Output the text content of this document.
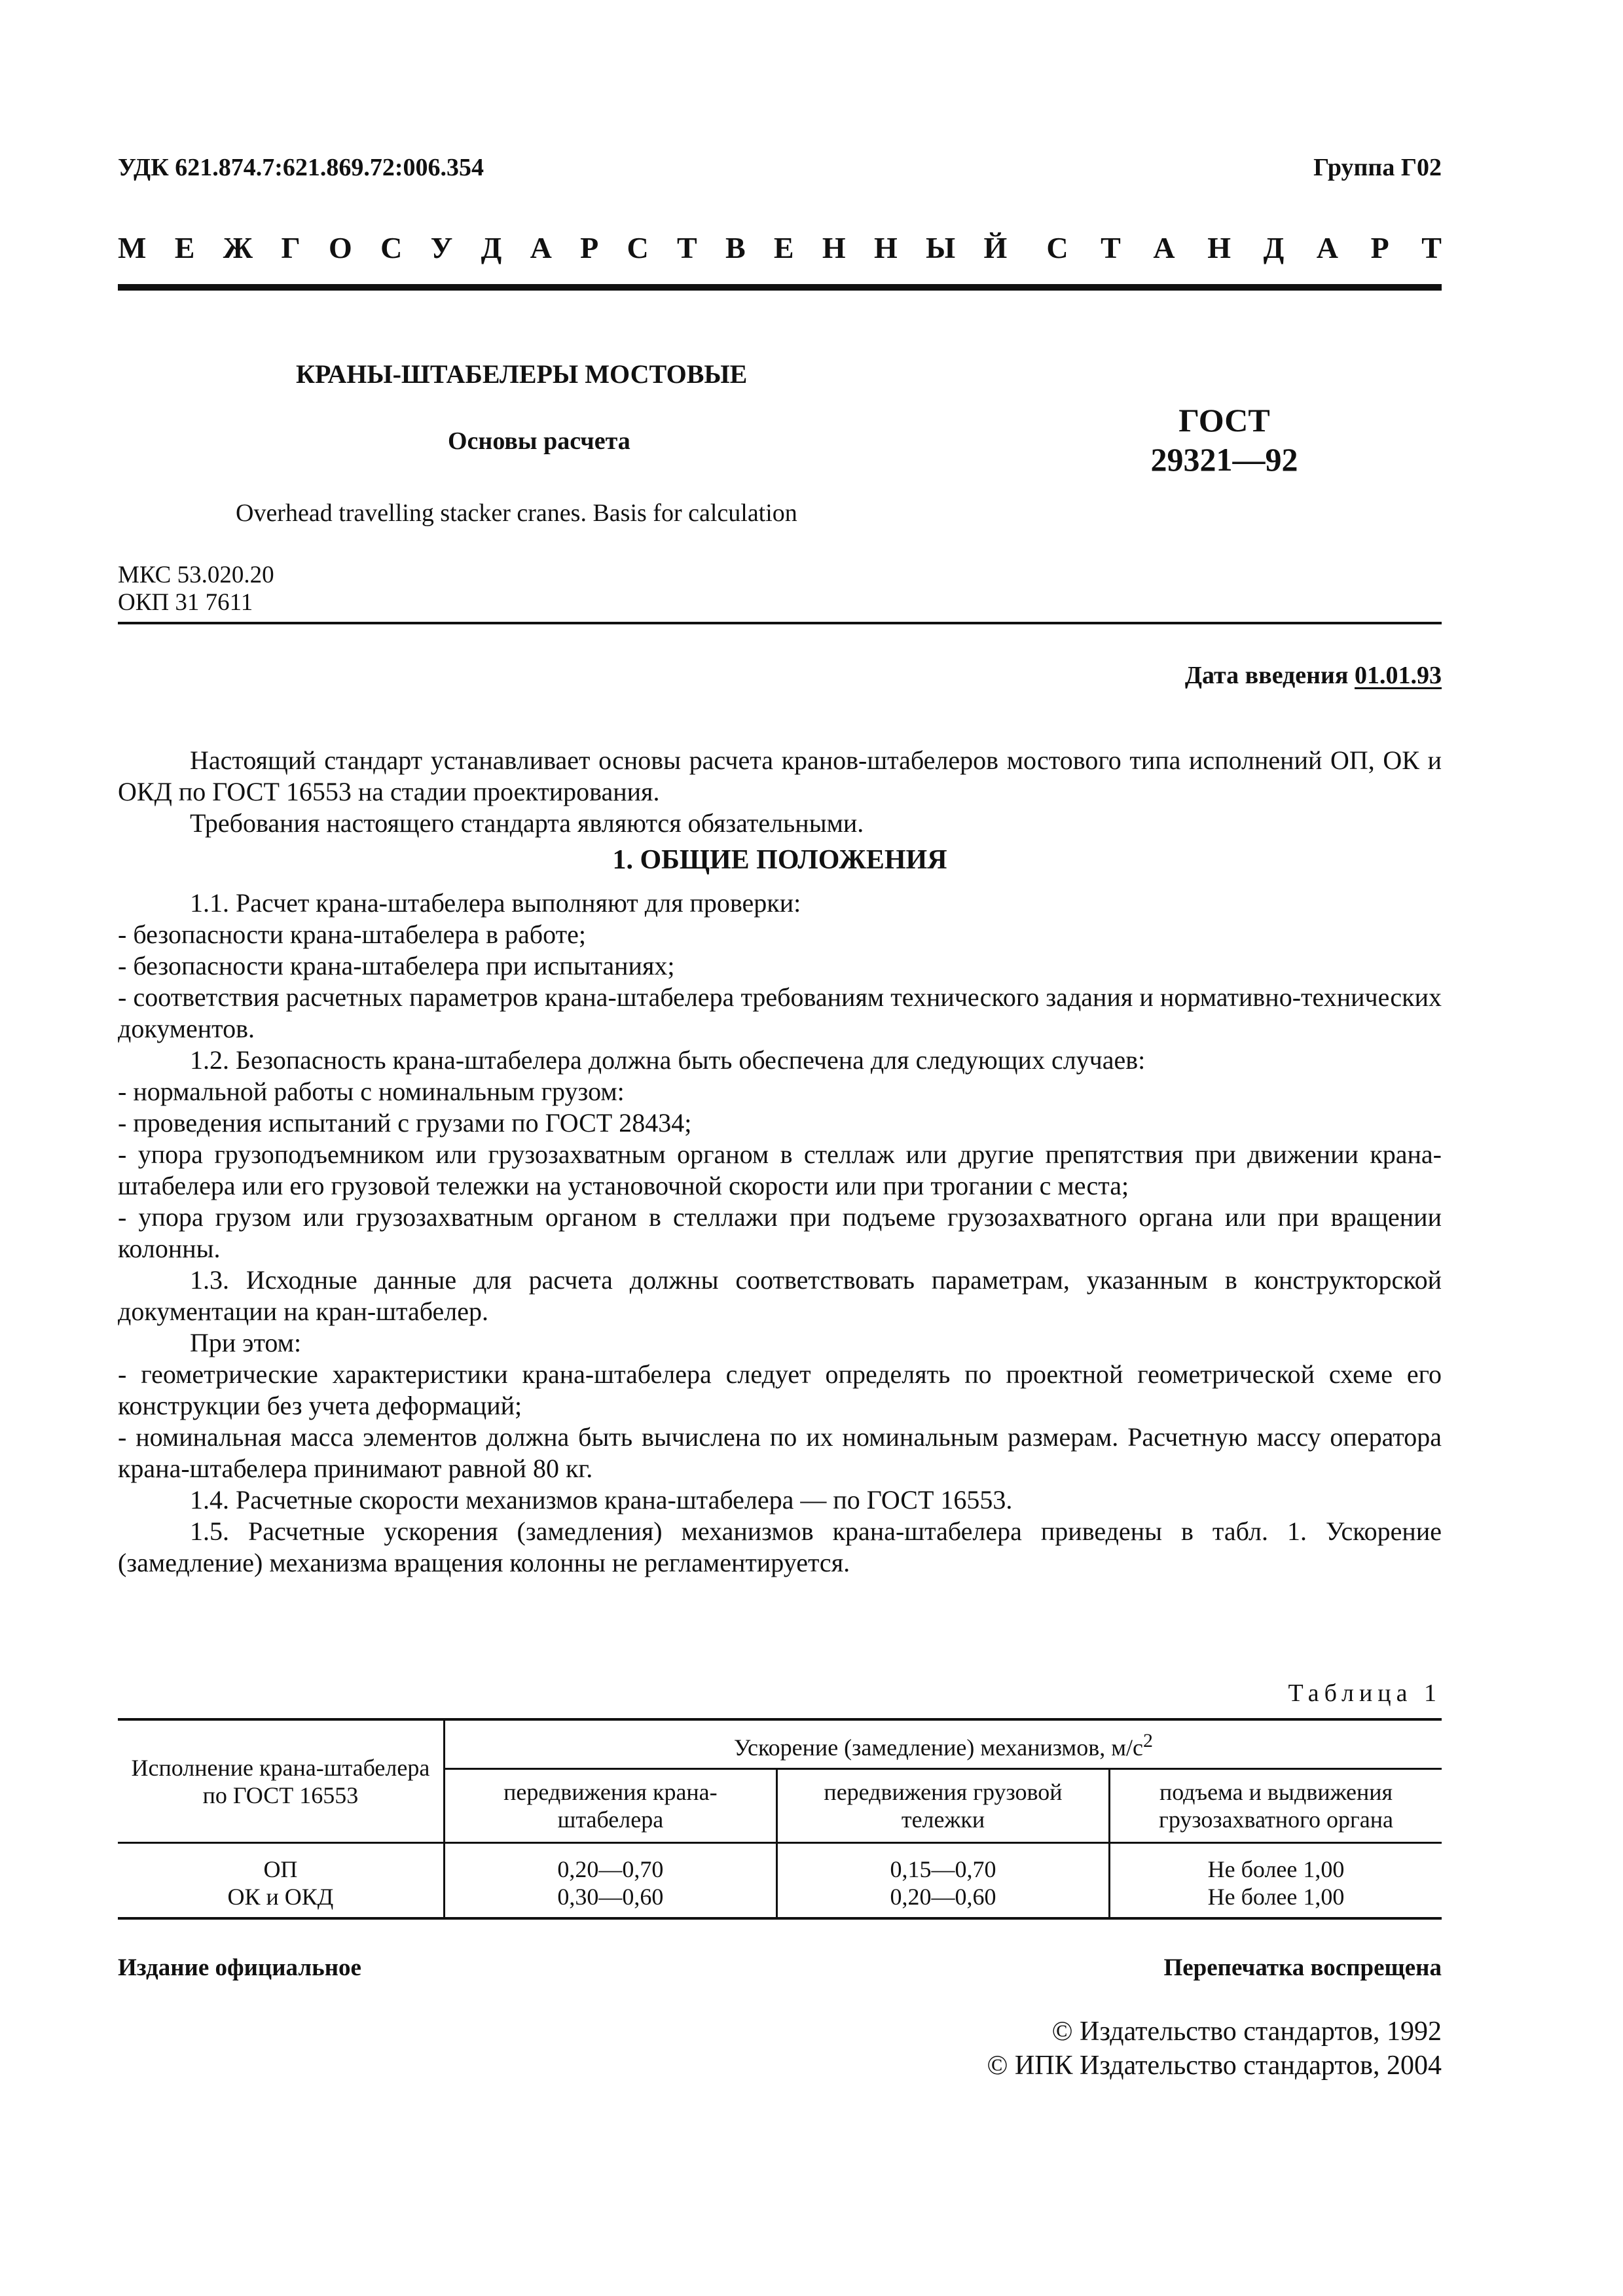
УДК 621.874.7:621.869.72:006.354	Группа Г02
М Е Ж Г О С У Д А Р С Т В Е Н Н Ы Й С Т А Н Д А Р Т
КРАНЫ-ШТАБЕЛЕРЫ МОСТОВЫЕ
Основы расчета
ГОСТ
29321—92
Overhead travelling stacker cranes. Basis for calculation
МКС 53.020.20
ОКП 31 7611
Дата введения 01.01.93

Настоящий стандарт устанавливает основы расчета кранов-штабелеров мостового типа исполнений ОП, ОК и ОКД по ГОСТ 16553 на стадии проектирования.

Требования настоящего стандарта являются обязательными.

1. ОБЩИЕ ПОЛОЖЕНИЯ

1.1. Расчет крана-штабелера выполняют для проверки:

- безопасности крана-штабелера в работе;

- безопасности крана-штабелера при испытаниях;

- соответствия расчетных параметров крана-штабелера требованиям технического задания и нормативно-технических документов.

1.2. Безопасность крана-штабелера должна быть обеспечена для следующих случаев:

- нормальной работы с номинальным грузом:

- проведения испытаний с грузами по ГОСТ 28434;

- упора грузоподъемником или грузозахватным органом в стеллаж или другие препятствия при движении крана-штабелера или его грузовой тележки на установочной скорости или при трогании с места;

- упора грузом или грузозахватным органом в стеллажи при подъеме грузозахватного органа или при вращении колонны.

1.3. Исходные данные для расчета должны соответствовать параметрам, указанным в конструкторской документации на кран-штабелер.

При этом:

- геометрические характеристики крана-штабелера следует определять по проектной геометрической схеме его конструкции без учета деформаций;

- номинальная масса элементов должна быть вычислена по их номинальным размерам. Расчетную массу оператора крана-штабелера принимают равной 80 кг.

1.4. Расчетные скорости механизмов крана-штабелера — по ГОСТ 16553.

1.5. Расчетные ускорения (замедления) механизмов крана-штабелера приведены в табл. 1. Ускорение (замедление) механизма вращения колонны не регламентируется.

Таблица 1
Исполнение крана-штабелера по ГОСТ 16553	Ускорение (замедление) механизмов, $м/с^2$

	передвижения крана-штабелера	передвижения грузовой тележки	подъема и выдвижения грузозахватного органа

ОП	0,20—0,70	0,15—0,70	Не более 1,00
ОК и ОКД	0,30—0,60	0,20—0,60	Не более 1,00
Издание официальное	Перепечатка воспрещена
© Издательство стандартов, 1992
© ИПК Издательство стандартов, 2004
